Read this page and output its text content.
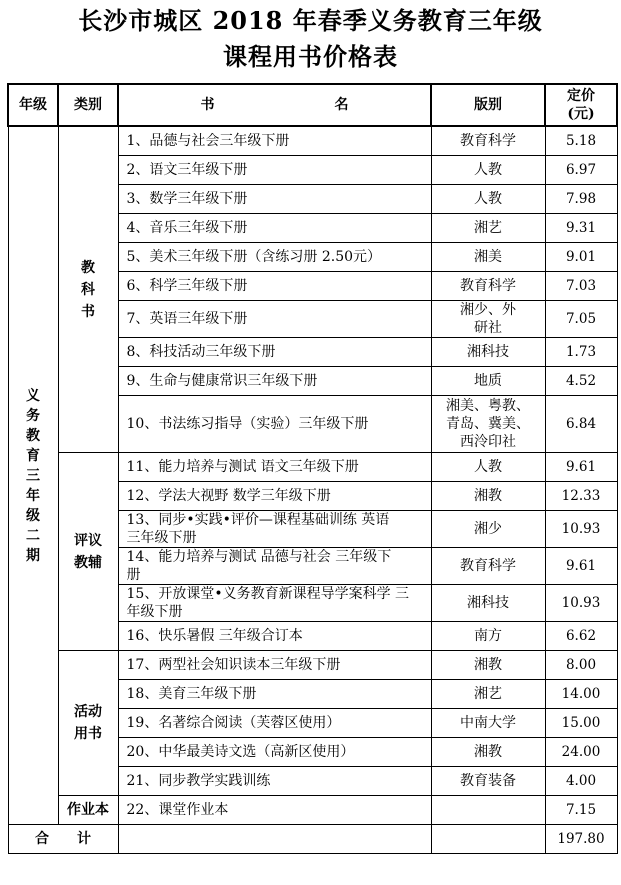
长沙市城区 2018 年春季义务教育三年级
课程用书价格表
年级	类别	书 名	版别	定价
(元)

义务教育三年级二期	教科书	1、品德与社会三年级下册	教育科学	5.18
		2、语文三年级下册	人教	6.97
		3、数学三年级下册	人教	7.98
		4、音乐三年级下册	湘艺	9.31
		5、美术三年级下册（含练习册 2.50元）	湘美	9.01
		6、科学三年级下册	教育科学	7.03
		7、英语三年级下册	湘少、外研社	7.05
		8、科技活动三年级下册	湘科技	1.73
		9、生命与健康常识三年级下册	地质	4.52
		10、书法练习指导（实验）三年级下册	湘美、粤教、青岛、冀美、西泠印社	6.84
	评议教辅	11、能力培养与测试 语文三年级下册	人教	9.61
		12、学法大视野 数学三年级下册	湘教	12.33

		13、同步•实践•评价—课程基础训练 英语三年级下册	湘少	10.93

		14、能力培养与测试 品德与社会 三年级下册	教育科学	9.61

		15、开放课堂•义务教育新课程导学案科学 三年级下册	湘科技	10.93
		16、快乐暑假 三年级合订本	南方	6.62
	活动用书	17、两型社会知识读本三年级下册	湘教	8.00
		18、美育三年级下册	湘艺	14.00
		19、名著综合阅读（芙蓉区使用）	中南大学	15.00
		20、中华最美诗文选（高新区使用）	湘教	24.00
		21、同步教学实践训练	教育装备	4.00
	作业本	22、课堂作业本		7.15
合　　计				197.80
